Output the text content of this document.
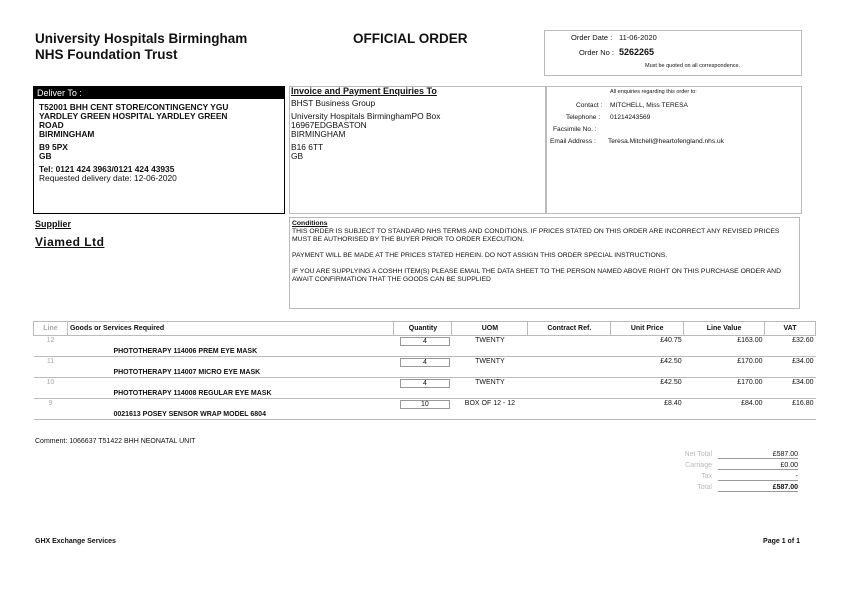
University Hospitals Birmingham
NHS Foundation Trust
OFFICIAL ORDER	Order Date : 11-06-2020
Order No : 5262265
Must be quoted on all correspondence.
Deliver To :
T52001 BHH CENT STORE/CONTINGENCY YGU
YARDLEY GREEN HOSPITAL YARDLEY GREEN
ROAD
BIRMINGHAM
B9 5PX
GB
Tel: 0121 424 3963/0121 424 43935
Requested delivery date: 12-06-2020
Invoice and Payment Enquiries To
BHST Business Group
University Hospitals BirminghamPO Box
16967EDGBASTON
BIRMINGHAM
B16 6TT
GB
All enquiries regarding this order to:
Contact : MITCHELL, Miss TERESA
Telephone : 01214243569
Facsimile No. :
Email Address : Teresa.Mitchell@heartofengland.nhs.uk
Supplier
Viamed Ltd
Conditions

THIS ORDER IS SUBJECT TO STANDARD NHS TERMS AND CONDITIONS. IF PRICES STATED ON THIS ORDER ARE INCORRECT ANY REVISED PRICES MUST BE AUTHORISED BY THE BUYER PRIOR TO ORDER EXECUTION.

PAYMENT WILL BE MADE AT THE PRICES STATED HEREIN. DO NOT ASSIGN THIS ORDER SPECIAL INSTRUCTIONS.

IF YOU ARE SUPPLYING A COSHH ITEM(S) PLEASE EMAIL THE DATA SHEET TO THE PERSON NAMED ABOVE RIGHT ON THIS PURCHASE ORDER AND AWAIT CONFIRMATION THAT THE GOODS CAN BE SUPPLIED

Line	Goods or Services Required	Quantity	UOM	Contract Ref.	Unit Price	Line Value	VAT
12		4	TWENTY		£40.75	£163.00	£32.60
	PHOTOTHERAPY 114006 PREM EYE MASK						
11		4	TWENTY		£42.50	£170.00	£34.00
	PHOTOTHERAPY 114007 MICRO EYE MASK						
10		4	TWENTY		£42.50	£170.00	£34.00
	PHOTOTHERAPY 114008 REGULAR EYE MASK						
9		10	BOX OF 12 - 12		£8.40	£84.00	£16.80
	0021613 POSEY SENSOR WRAP MODEL 6804						
Comment: 1066637 T51422 BHH NEONATAL UNIT
Net Total	£587.00
Carriage	£0.00
Tax	-
Total	£587.00
GHX Exchange Services	Page 1 of 1
